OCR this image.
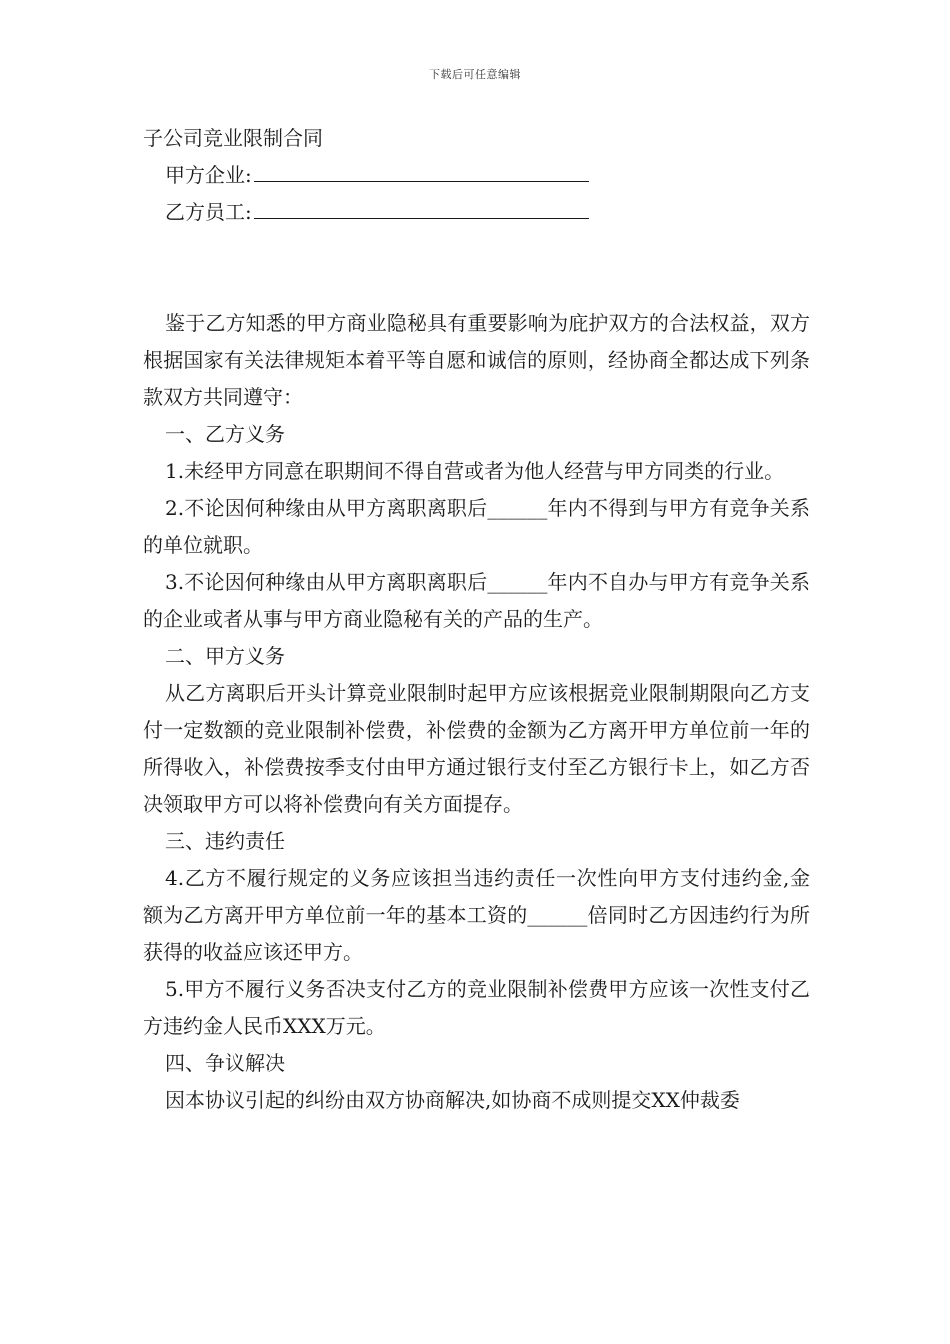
下载后可任意编辑
子公司竞业限制合同
甲方企业:
乙方员工:
鉴于乙方知悉的甲方商业隐秘具有重要影响为庇护双方的合法权益，双方根据国家有关法律规矩本着平等自愿和诚信的原则，经协商全都达成下列条款双方共同遵守：
一、乙方义务
1.未经甲方同意在职期间不得自营或者为他人经营与甲方同类的行业。
2.不论因何种缘由从甲方离职离职后______年内不得到与甲方有竞争关系的单位就职。
3.不论因何种缘由从甲方离职离职后______年内不自办与甲方有竞争关系的企业或者从事与甲方商业隐秘有关的产品的生产。
二、甲方义务
从乙方离职后开头计算竞业限制时起甲方应该根据竞业限制期限向乙方支付一定数额的竞业限制补偿费，补偿费的金额为乙方离开甲方单位前一年的所得收入，补偿费按季支付由甲方通过银行支付至乙方银行卡上，如乙方否决领取甲方可以将补偿费向有关方面提存。
三、违约责任
4.乙方不履行规定的义务应该担当违约责任一次性向甲方支付违约金,金额为乙方离开甲方单位前一年的基本工资的______倍同时乙方因违约行为所获得的收益应该还甲方。
5.甲方不履行义务否决支付乙方的竞业限制补偿费甲方应该一次性支付乙方违约金人民币XXX万元。
四、争议解决
因本协议引起的纠纷由双方协商解决,如协商不成则提交XX仲裁委
